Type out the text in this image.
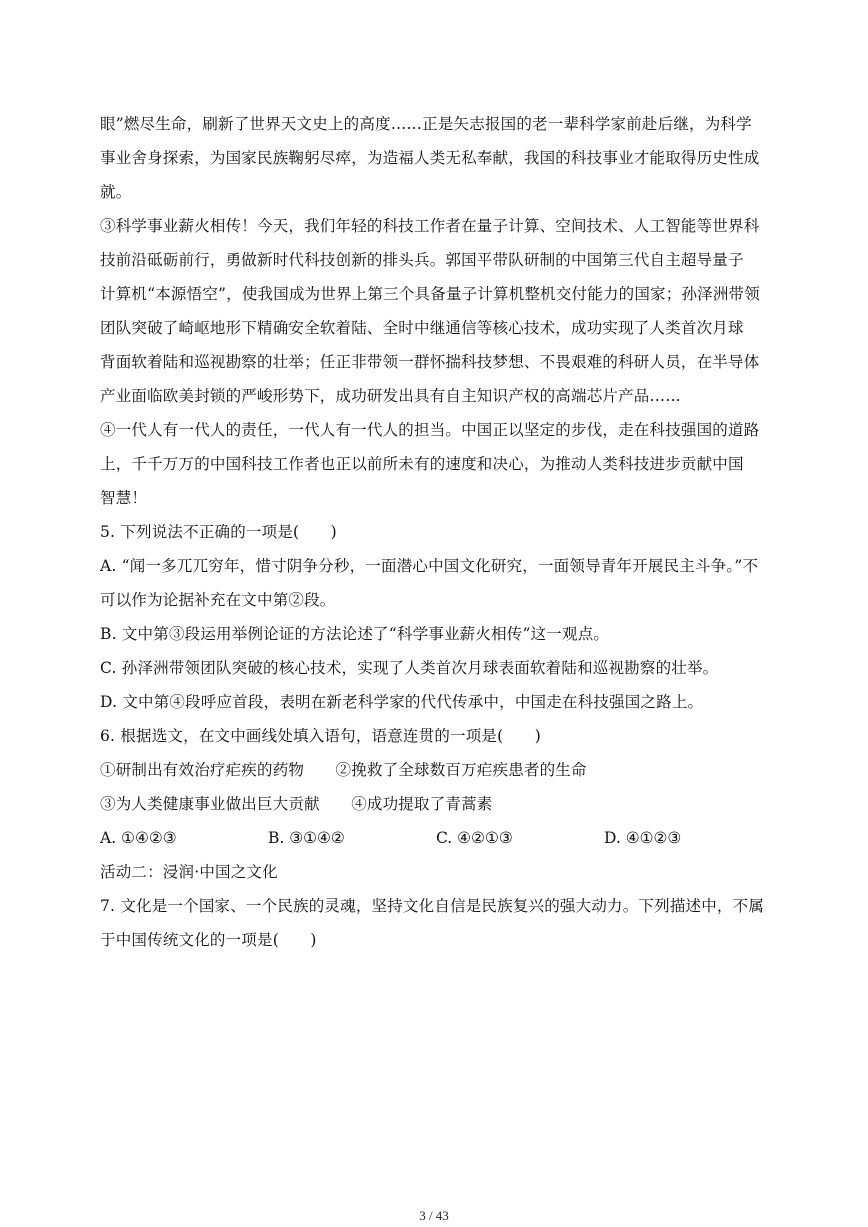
眼”燃尽生命，刷新了世界天文史上的高度……正是矢志报国的老一辈科学家前赴后继，为科学
事业舍身探索，为国家民族鞠躬尽瘁，为造福人类无私奉献，我国的科技事业才能取得历史性成
就。
③科学事业薪火相传！今天，我们年轻的科技工作者在量子计算、空间技术、人工智能等世界科
技前沿砥砺前行，勇做新时代科技创新的排头兵。郭国平带队研制的中国第三代自主超导量子
计算机“本源悟空”，使我国成为世界上第三个具备量子计算机整机交付能力的国家；孙泽洲带领
团队突破了崎岖地形下精确安全软着陆、全时中继通信等核心技术，成功实现了人类首次月球
背面软着陆和巡视勘察的壮举；任正非带领一群怀揣科技梦想、不畏艰难的科研人员，在半导体
产业面临欧美封锁的严峻形势下，成功研发出具有自主知识产权的高端芯片产品……
④一代人有一代人的责任，一代人有一代人的担当。中国正以坚定的步伐，走在科技强国的道路
上，千千万万的中国科技工作者也正以前所未有的速度和决心，为推动人类科技进步贡献中国
智慧！
5. 下列说法不正确的一项是(　　)
A. “闻一多兀兀穷年，惜寸阴争分秒，一面潜心中国文化研究，一面领导青年开展民主斗争。”不
可以作为论据补充在文中第②段。
B. 文中第③段运用举例论证的方法论述了“科学事业薪火相传”这一观点。
C. 孙泽洲带领团队突破的核心技术，实现了人类首次月球表面软着陆和巡视勘察的壮举。
D. 文中第④段呼应首段，表明在新老科学家的代代传承中，中国走在科技强国之路上。
6. 根据选文，在文中画线处填入语句，语意连贯的一项是(　　)
①研制出有效治疗疟疾的药物　　②挽救了全球数百万疟疾患者的生命
③为人类健康事业做出巨大贡献　　④成功提取了青蒿素
A. ①④②③	B. ③①④②	C. ④②①③	D. ④①②③
活动二：浸润·中国之文化
7. 文化是一个国家、一个民族的灵魂，坚持文化自信是民族复兴的强大动力。下列描述中，不属
于中国传统文化的一项是(　　)
3 / 43
